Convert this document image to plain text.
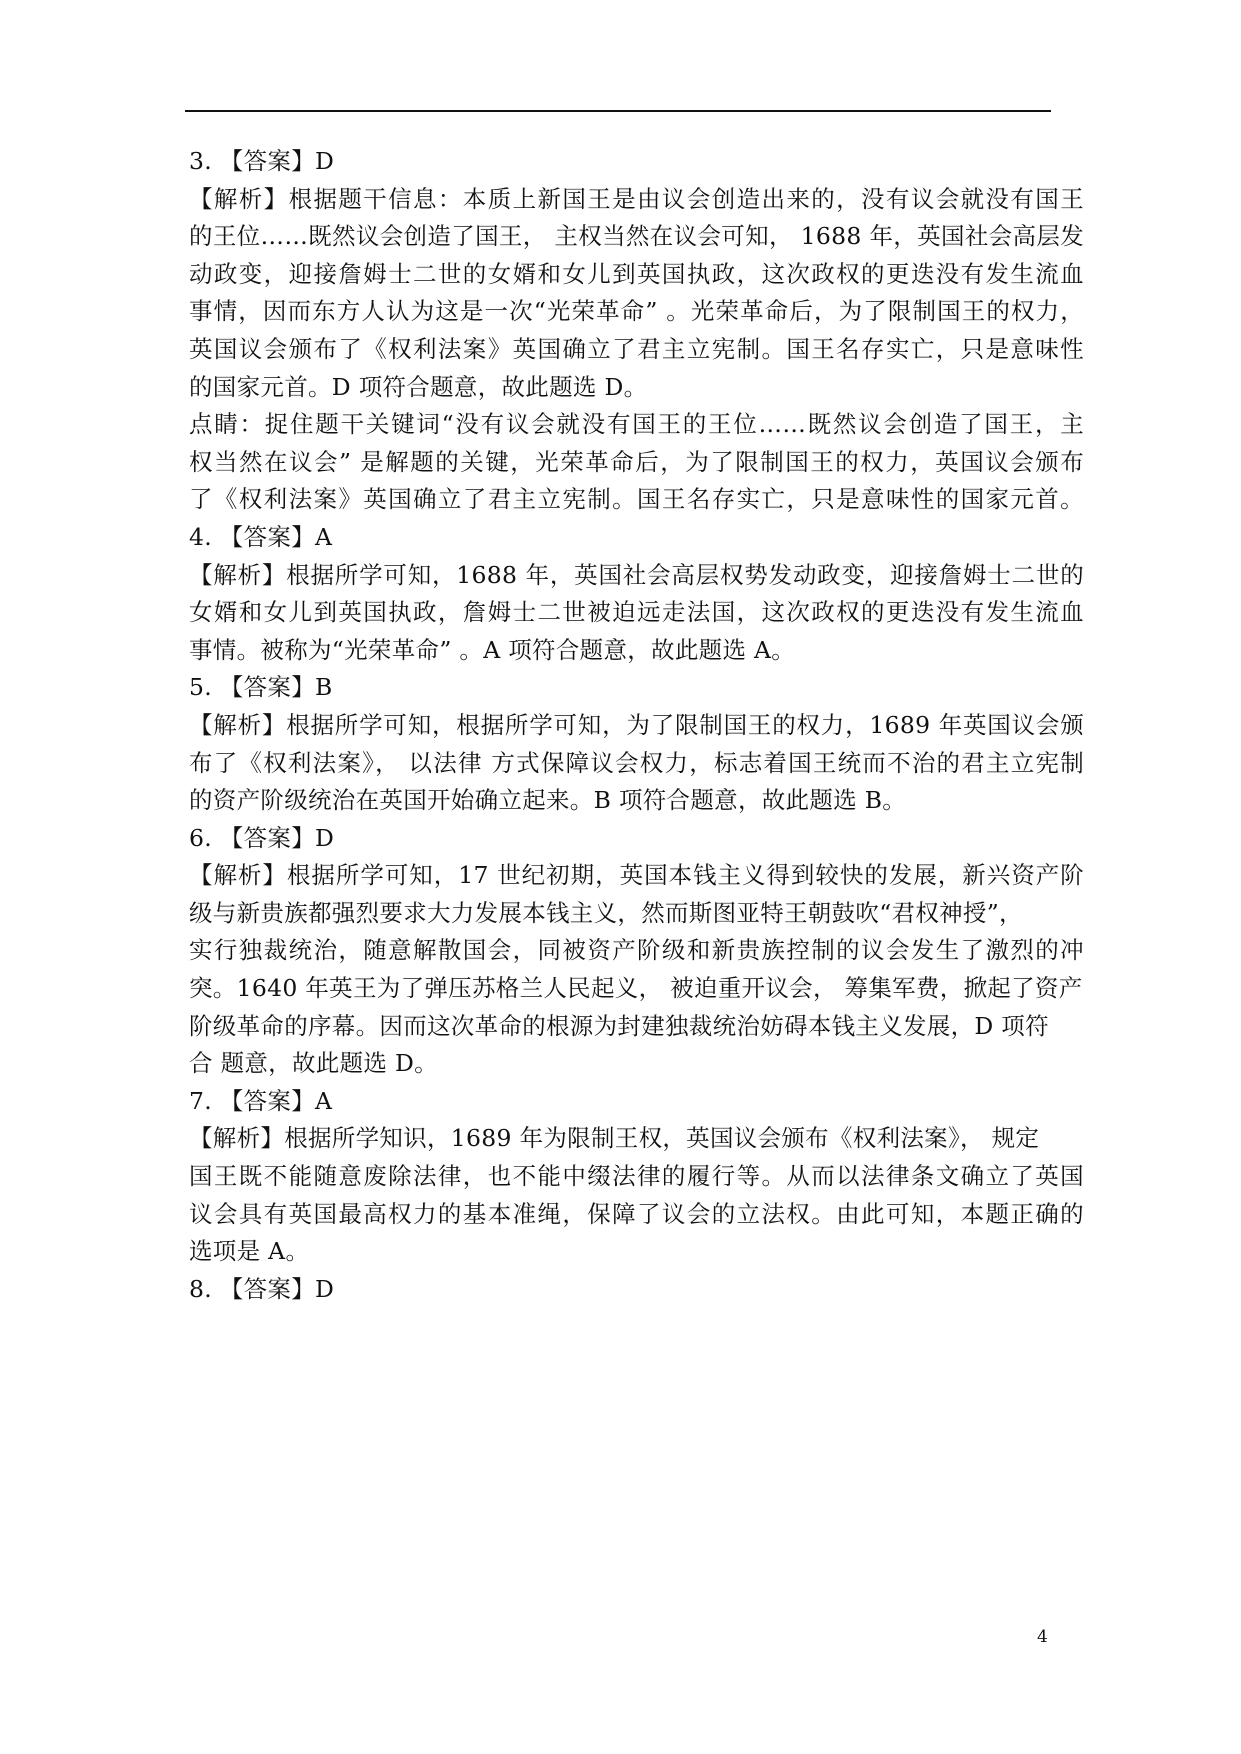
3. 【答案】D
【解析】根据题干信息：本质上新国王是由议会创造出来的，没有议会就没有国王
的王位……既然议会创造了国王， 主权当然在议会可知， 1688 年，英国社会高层发
动政变，迎接詹姆士二世的女婿和女儿到英国执政，这次政权的更迭没有发生流血
事情，因而东方人认为这是一次“光荣革命” 。光荣革命后，为了限制国王的权力，
英国议会颁布了《权利法案》英国确立了君主立宪制。国王名存实亡，只是意味性
的国家元首。D 项符合题意，故此题选 D。
点睛：捉住题干关键词“没有议会就没有国王的王位……既然议会创造了国王，主
权当然在议会” 是解题的关键，光荣革命后，为了限制国王的权力，英国议会颁布
了《权利法案》英国确立了君主立宪制。国王名存实亡，只是意味性的国家元首。
4. 【答案】A
【解析】根据所学可知，1688 年，英国社会高层权势发动政变，迎接詹姆士二世的
女婿和女儿到英国执政，詹姆士二世被迫远走法国，这次政权的更迭没有发生流血
事情。被称为“光荣革命” 。A 项符合题意，故此题选 A。
5. 【答案】B
【解析】根据所学可知，根据所学可知，为了限制国王的权力，1689 年英国议会颁
布了《权利法案》， 以法律 方式保障议会权力，标志着国王统而不治的君主立宪制
的资产阶级统治在英国开始确立起来。B 项符合题意，故此题选 B。
6. 【答案】D
【解析】根据所学可知，17 世纪初期，英国本钱主义得到较快的发展，新兴资产阶
级与新贵族都强烈要求大力发展本钱主义，然而斯图亚特王朝鼓吹“君权神授”，
实行独裁统治，随意解散国会，同被资产阶级和新贵族控制的议会发生了激烈的冲
突。1640 年英王为了弹压苏格兰人民起义， 被迫重开议会， 筹集军费，掀起了资产
阶级革命的序幕。因而这次革命的根源为封建独裁统治妨碍本钱主义发展，D 项符
合 题意，故此题选 D。
7. 【答案】A
【解析】根据所学知识，1689 年为限制王权，英国议会颁布《权利法案》， 规定
国王既不能随意废除法律，也不能中缀法律的履行等。从而以法律条文确立了英国
议会具有英国最高权力的基本准绳，保障了议会的立法权。由此可知，本题正确的
选项是 A。
8. 【答案】D
4
